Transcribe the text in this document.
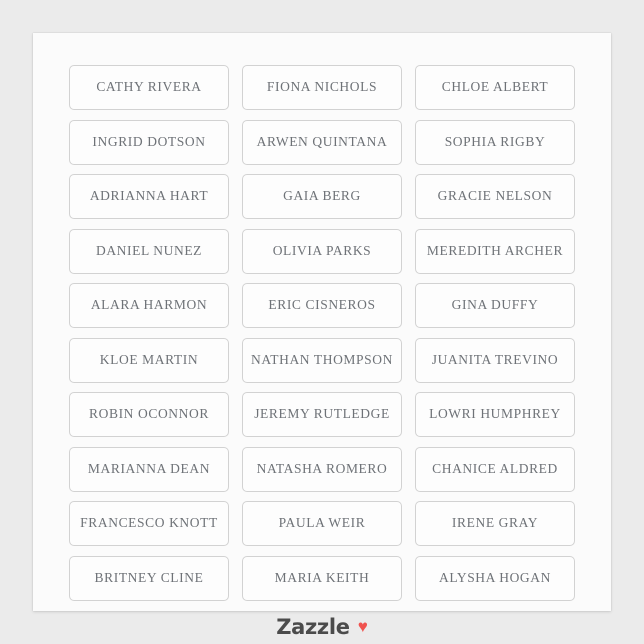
CATHY RIVERA	FIONA NICHOLS	CHLOE ALBERT
INGRID DOTSON	ARWEN QUINTANA	SOPHIA RIGBY
ADRIANNA HART	GAIA BERG	GRACIE NELSON
DANIEL NUNEZ	OLIVIA PARKS	MEREDITH ARCHER
ALARA HARMON	ERIC CISNEROS	GINA DUFFY
KLOE MARTIN	NATHAN THOMPSON	JUANITA TREVINO
ROBIN OCONNOR	JEREMY RUTLEDGE	LOWRI HUMPHREY
MARIANNA DEAN	NATASHA ROMERO	CHANICE ALDRED
FRANCESCO KNOTT	PAULA WEIR	IRENE GRAY
BRITNEY CLINE	MARIA KEITH	ALYSHA HOGAN
Zazzle ♥
